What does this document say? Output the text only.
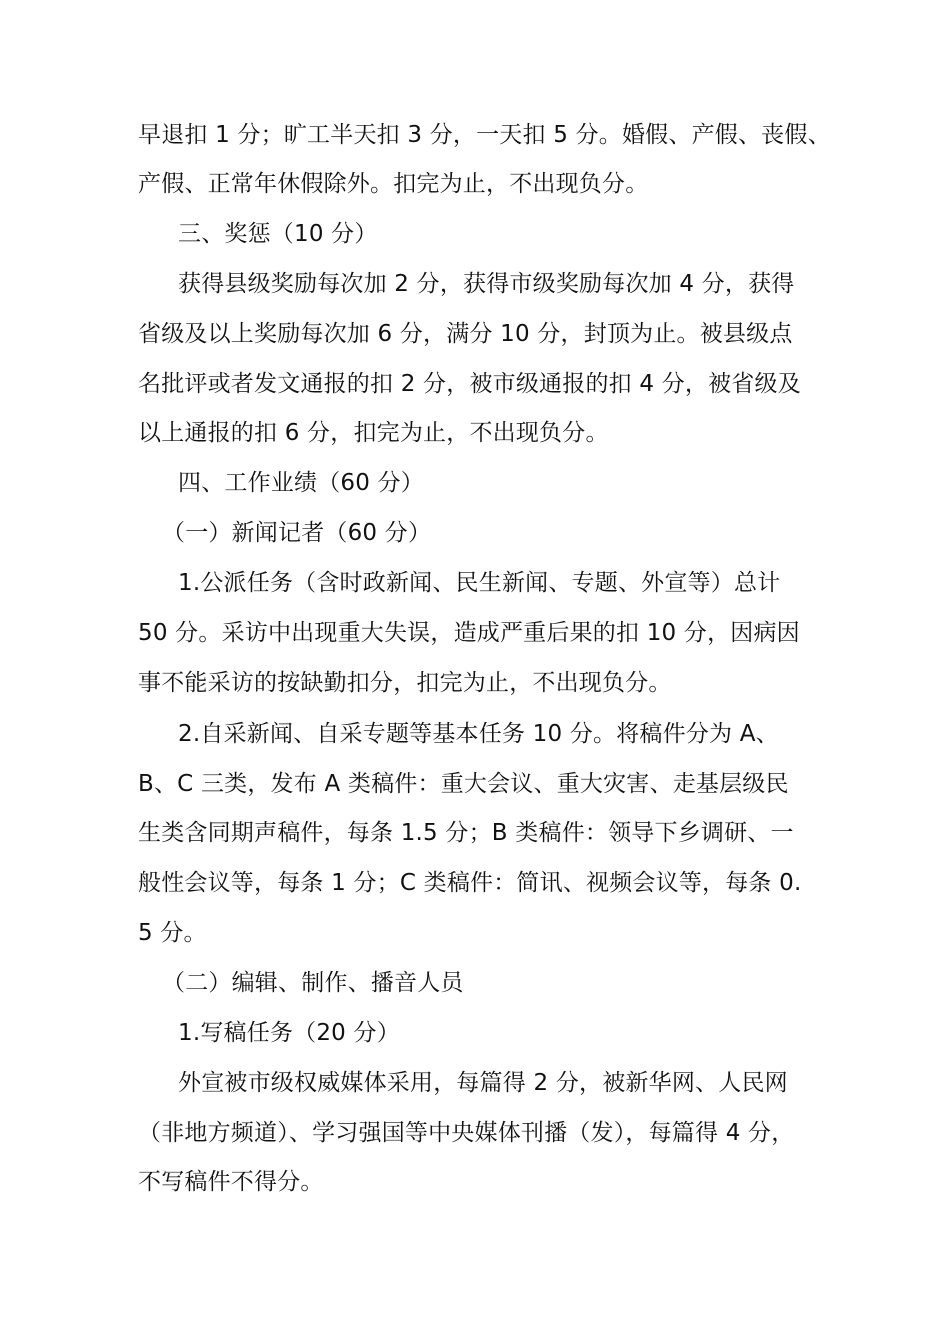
早退扣 1 分；旷工半天扣 3 分，一天扣 5 分。婚假、产假、丧假、
产假、正常年休假除外。扣完为止，不出现负分。
三、奖惩（10 分）
获得县级奖励每次加 2 分，获得市级奖励每次加 4 分，获得
省级及以上奖励每次加 6 分，满分 10 分，封顶为止。被县级点
名批评或者发文通报的扣 2 分，被市级通报的扣 4 分，被省级及
以上通报的扣 6 分，扣完为止，不出现负分。
四、工作业绩（60 分）
（一）新闻记者（60 分）
1.公派任务（含时政新闻、民生新闻、专题、外宣等）总计
50 分。采访中出现重大失误，造成严重后果的扣 10 分，因病因
事不能采访的按缺勤扣分，扣完为止，不出现负分。
2.自采新闻、自采专题等基本任务 10 分。将稿件分为 A、
B、C 三类，发布 A 类稿件：重大会议、重大灾害、走基层级民
生类含同期声稿件，每条 1.5 分；B 类稿件：领导下乡调研、一
般性会议等，每条 1 分；C 类稿件：简讯、视频会议等，每条 0.
5 分。
（二）编辑、制作、播音人员
1.写稿任务（20 分）
外宣被市级权威媒体采用，每篇得 2 分，被新华网、人民网
（非地方频道）、学习强国等中央媒体刊播（发），每篇得 4 分，
不写稿件不得分。
